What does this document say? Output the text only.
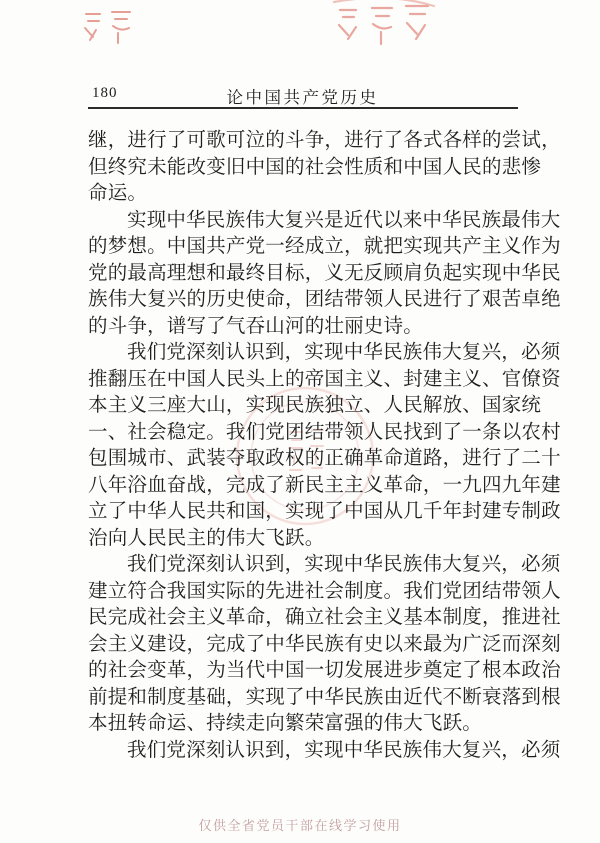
180	论中国共产党历史
继，进行了可歌可泣的斗争，进行了各式各样的尝试，
但终究未能改变旧中国的社会性质和中国人民的悲惨
命运。
实现中华民族伟大复兴是近代以来中华民族最伟大
的梦想。中国共产党一经成立，就把实现共产主义作为
党的最高理想和最终目标，义无反顾肩负起实现中华民
族伟大复兴的历史使命，团结带领人民进行了艰苦卓绝
的斗争，谱写了气吞山河的壮丽史诗。
我们党深刻认识到，实现中华民族伟大复兴，必须
推翻压在中国人民头上的帝国主义、封建主义、官僚资
本主义三座大山，实现民族独立、人民解放、国家统
一、社会稳定。我们党团结带领人民找到了一条以农村
包围城市、武装夺取政权的正确革命道路，进行了二十
八年浴血奋战，完成了新民主主义革命，一九四九年建
立了中华人民共和国，实现了中国从几千年封建专制政
治向人民民主的伟大飞跃。
我们党深刻认识到，实现中华民族伟大复兴，必须
建立符合我国实际的先进社会制度。我们党团结带领人
民完成社会主义革命，确立社会主义基本制度，推进社
会主义建设，完成了中华民族有史以来最为广泛而深刻
的社会变革，为当代中国一切发展进步奠定了根本政治
前提和制度基础，实现了中华民族由近代不断衰落到根
本扭转命运、持续走向繁荣富强的伟大飞跃。
我们党深刻认识到，实现中华民族伟大复兴，必须
仅供全省党员干部在线学习使用
